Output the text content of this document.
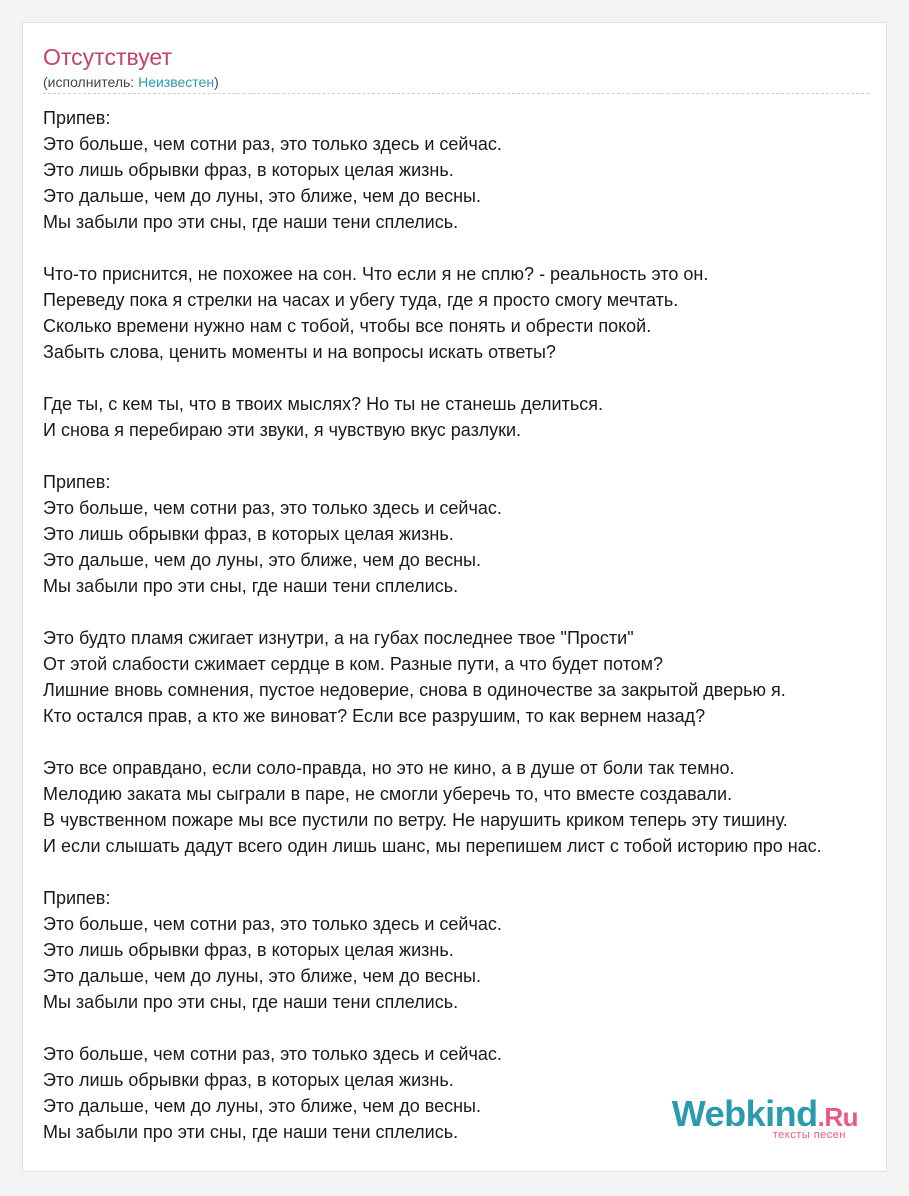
Отсутствует
(исполнитель: Неизвестен)
Припев:
Это больше, чем сотни раз, это только здесь и сейчас.
Это лишь обрывки фраз, в которых целая жизнь.
Это дальше, чем до луны, это ближе, чем до весны.
Мы забыли про эти сны, где наши тени сплелись.
Что-то приснится, не похожее на сон. Что если я не сплю? - реальность это он.
Переведу пока я стрелки на часах и убегу туда, где я просто смогу мечтать.
Сколько времени нужно нам с тобой, чтобы все понять и обрести покой.
Забыть слова, ценить моменты и на вопросы искать ответы?
Где ты, с кем ты, что в твоих мыслях? Но ты не станешь делиться.
И снова я перебираю эти звуки, я чувствую вкус разлуки.
Припев:
Это больше, чем сотни раз, это только здесь и сейчас.
Это лишь обрывки фраз, в которых целая жизнь.
Это дальше, чем до луны, это ближе, чем до весны.
Мы забыли про эти сны, где наши тени сплелись.
Это будто пламя сжигает изнутри, а на губах последнее твое "Прости"
От этой слабости сжимает сердце в ком. Разные пути, а что будет потом?
Лишние вновь сомнения, пустое недоверие, снова в одиночестве за закрытой дверью я.
Кто остался прав, а кто же виноват? Если все разрушим, то как вернем назад?
Это все оправдано, если соло-правда, но это не кино, а в душе от боли так темно.
Мелодию заката мы сыграли в паре, не смогли уберечь то, что вместе создавали.
В чувственном пожаре мы все пустили по ветру. Не нарушить криком теперь эту тишину.
И если слышать дадут всего один лишь шанс, мы перепишем лист с тобой историю про нас.
Припев:
Это больше, чем сотни раз, это только здесь и сейчас.
Это лишь обрывки фраз, в которых целая жизнь.
Это дальше, чем до луны, это ближе, чем до весны.
Мы забыли про эти сны, где наши тени сплелись.
Это больше, чем сотни раз, это только здесь и сейчас.
Это лишь обрывки фраз, в которых целая жизнь.
Это дальше, чем до луны, это ближе, чем до весны.
Мы забыли про эти сны, где наши тени сплелись.	Webkind.Ru
тексты песен
